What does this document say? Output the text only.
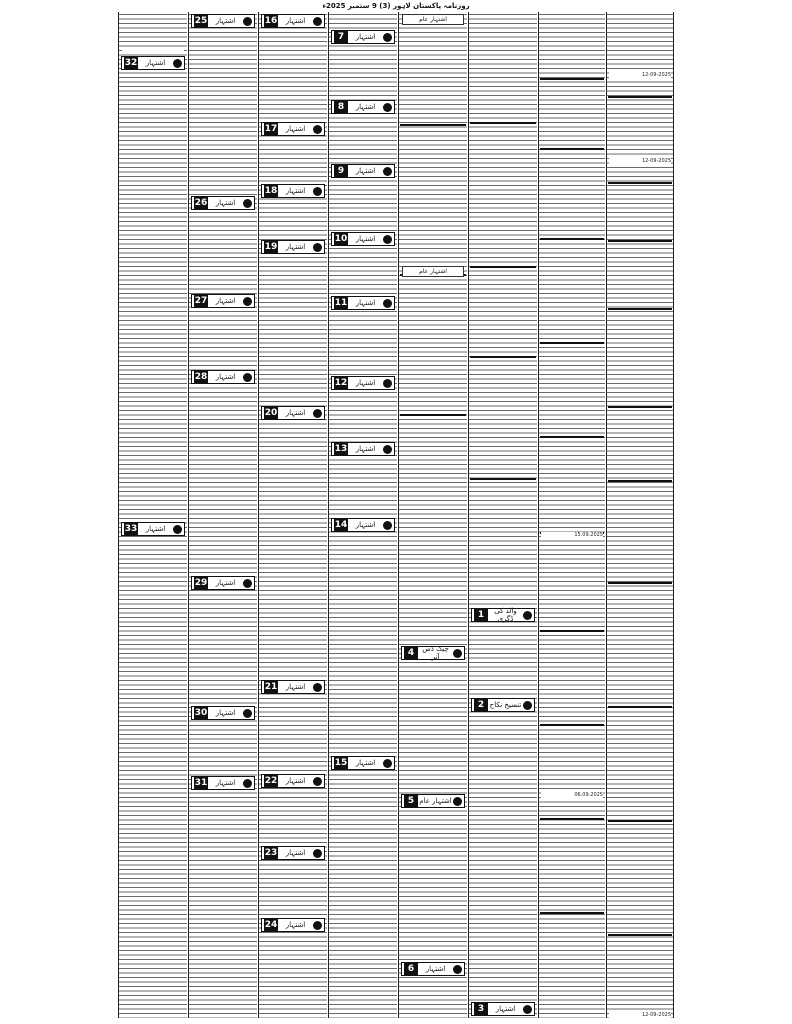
روزنامہ پاکستان لاہور (3) 9 ستمبر 2025ء
32	اشتہار
33	اشتہار
25	اشتہار
26	اشتہار
27	اشتہار
28	اشتہار
29	اشتہار
30	اشتہار
31	اشتہار
16	اشتہار
17	اشتہار
18	اشتہار
19	اشتہار
20	اشتہار
21	اشتہار
22	اشتہار
23	اشتہار
24	اشتہار
7	اشتہار
8	اشتہار
9	اشتہار
10	اشتہار
11	اشتہار
12	اشتہار
13	اشتہار
14	اشتہار
15	اشتہار
اشتہار عام
اشتہار عام
4	چیک ڈس آنر
5 اشتہار عام
6	اشتہار
1	والد کی ڈگری
2 تنسیخ نکاح
3	اشتہار
15.09.2025
06.09.2025
12-09-2025
12-09-2025
12-09-2025
